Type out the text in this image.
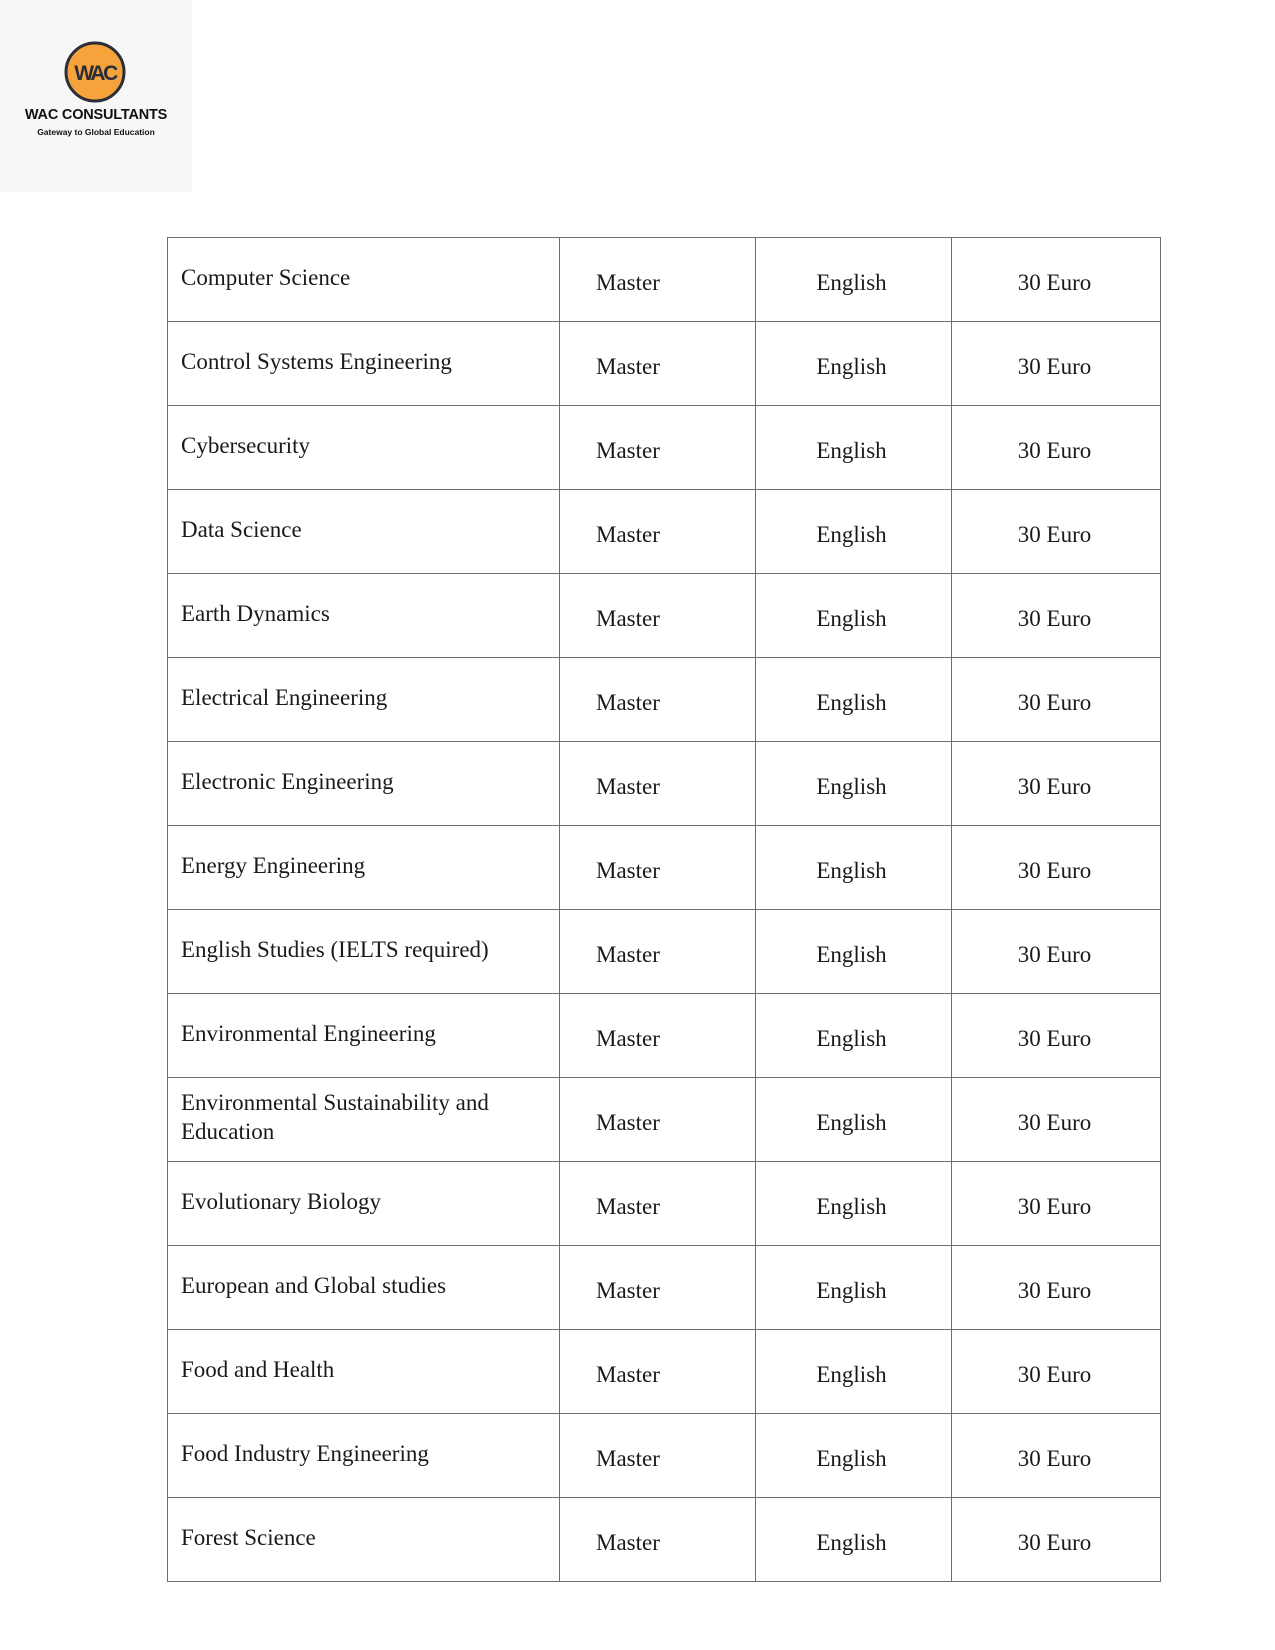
WAC
WAC CONSULTANTS
Gateway to Global Education
Computer Science	Master	English	30 Euro
Control Systems Engineering	Master	English	30 Euro
Cybersecurity	Master	English	30 Euro
Data Science	Master	English	30 Euro
Earth Dynamics	Master	English	30 Euro
Electrical Engineering	Master	English	30 Euro
Electronic Engineering	Master	English	30 Euro
Energy Engineering	Master	English	30 Euro
English Studies (IELTS required)	Master	English	30 Euro
Environmental Engineering	Master	English	30 Euro
Environmental Sustainability and Education	Master	English	30 Euro
Evolutionary Biology	Master	English	30 Euro
European and Global studies	Master	English	30 Euro
Food and Health	Master	English	30 Euro
Food Industry Engineering	Master	English	30 Euro
Forest Science	Master	English	30 Euro
